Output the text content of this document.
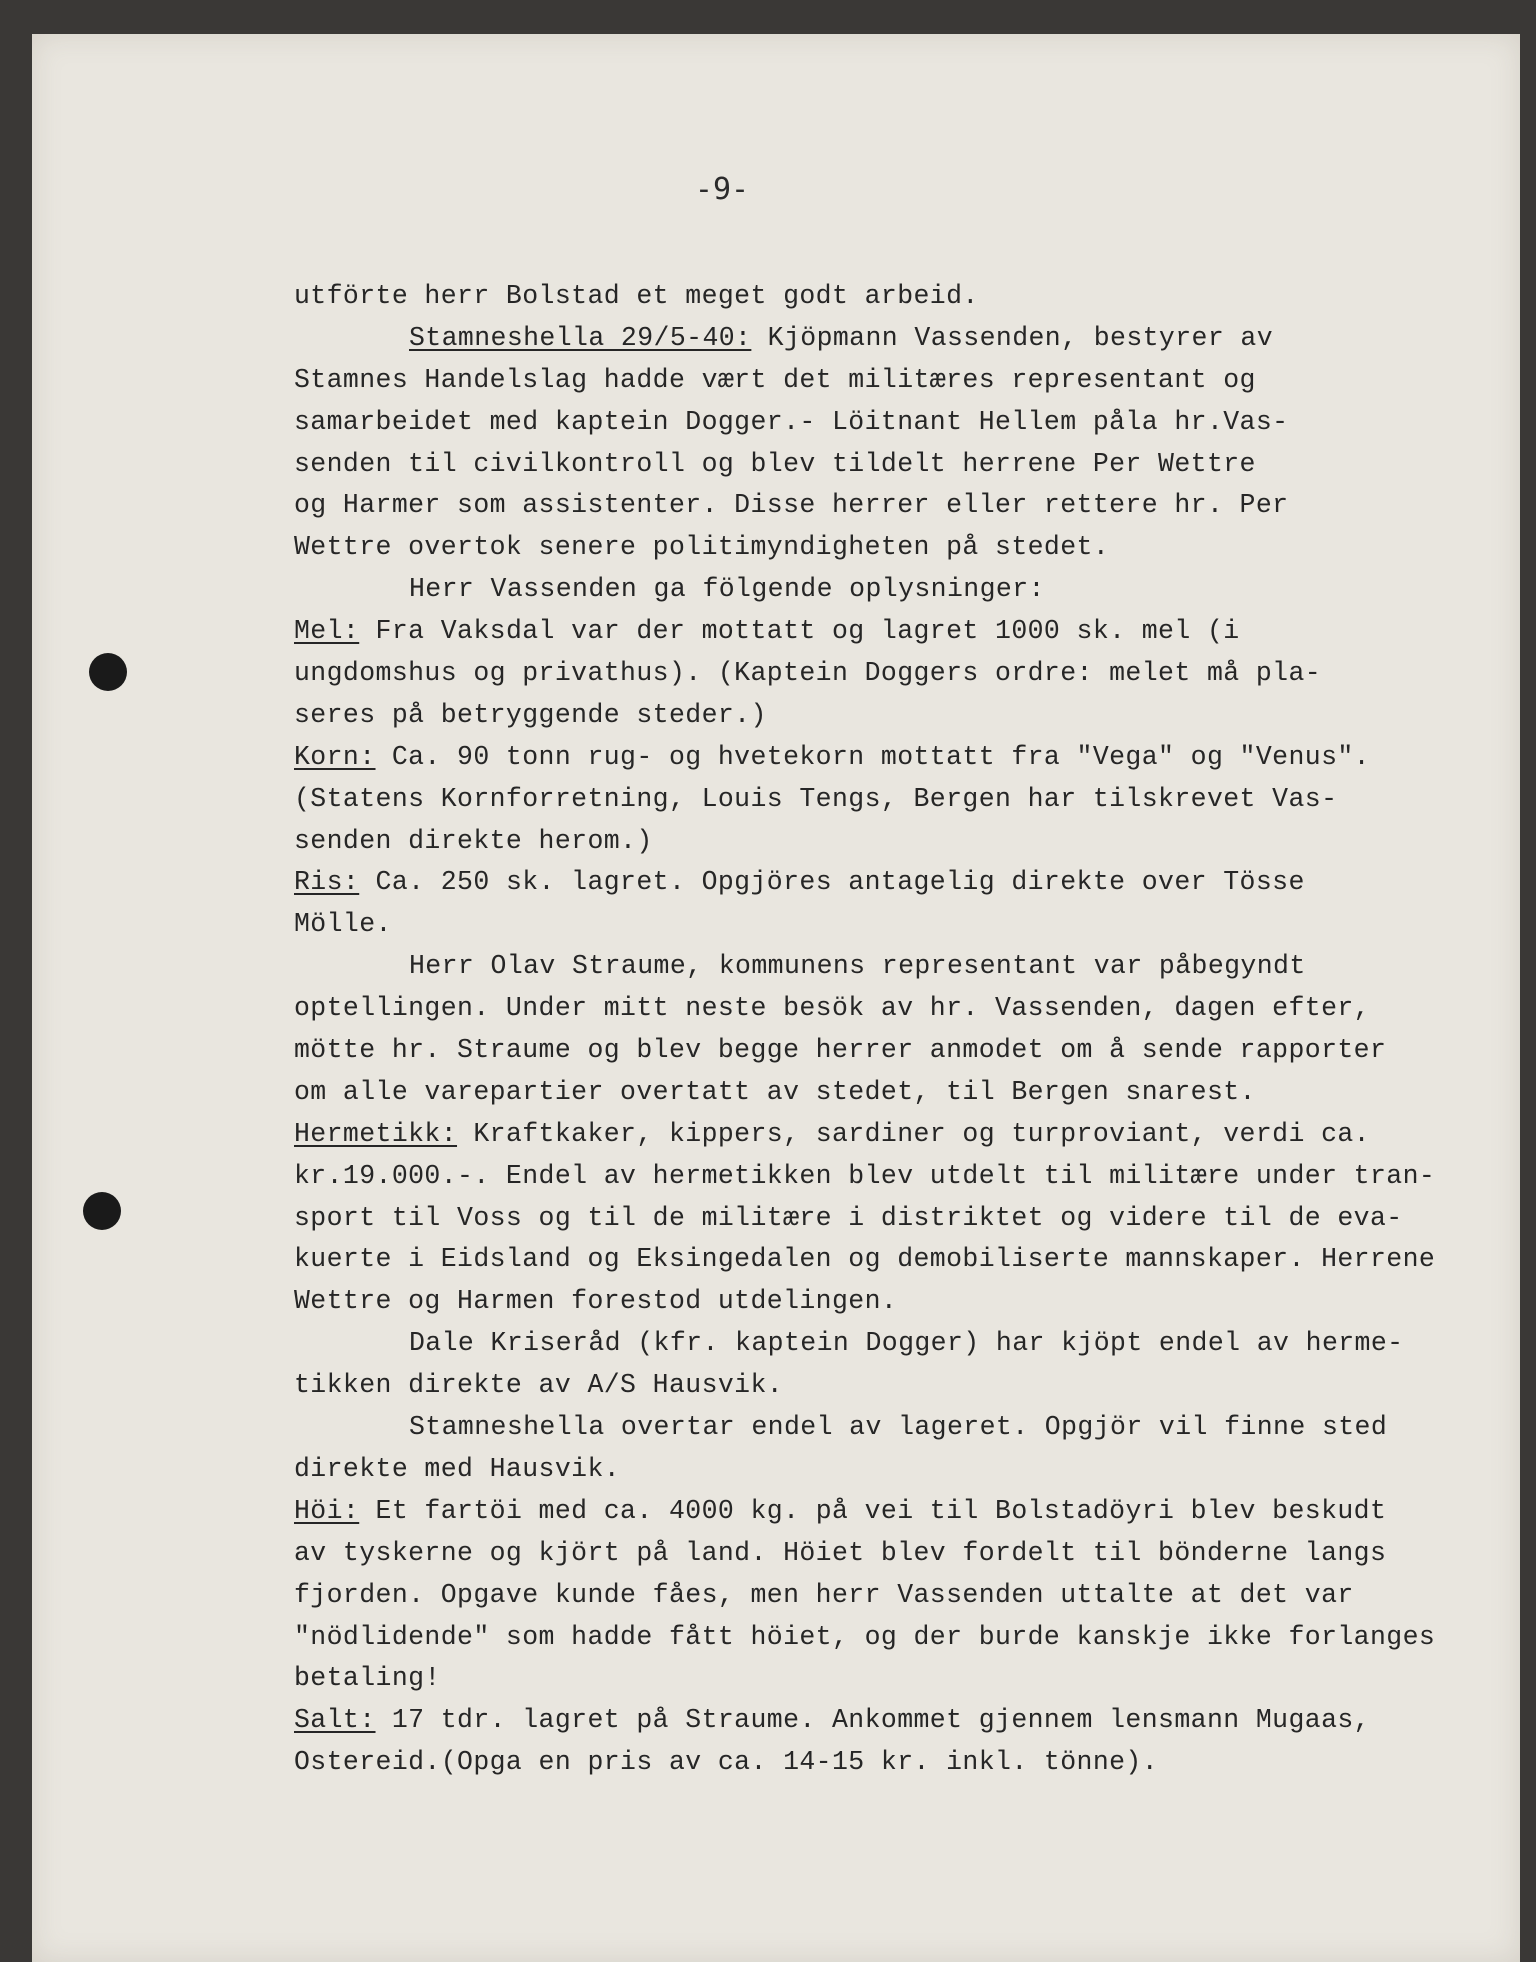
-9-
utförte herr Bolstad et meget godt arbeid.
Stamneshella 29/5-40: Kjöpmann Vassenden, bestyrer av
Stamnes Handelslag hadde vært det militæres representant og
samarbeidet med kaptein Dogger.- Löitnant Hellem påla hr.Vas-
senden til civilkontroll og blev tildelt herrene Per Wettre
og Harmer som assistenter. Disse herrer eller rettere hr. Per
Wettre overtok senere politimyndigheten på stedet.
Herr Vassenden ga fölgende oplysninger:
Mel: Fra Vaksdal var der mottatt og lagret 1000 sk. mel (i
ungdomshus og privathus). (Kaptein Doggers ordre: melet må pla-
seres på betryggende steder.)
Korn: Ca. 90 tonn rug- og hvetekorn mottatt fra "Vega" og "Venus".
(Statens Kornforretning, Louis Tengs, Bergen har tilskrevet Vas-
senden direkte herom.)
Ris: Ca. 250 sk. lagret. Opgjöres antagelig direkte over Tösse
Mölle.
Herr Olav Straume, kommunens representant var påbegyndt
optellingen. Under mitt neste besök av hr. Vassenden, dagen efter,
mötte hr. Straume og blev begge herrer anmodet om å sende rapporter
om alle varepartier overtatt av stedet, til Bergen snarest.
Hermetikk: Kraftkaker, kippers, sardiner og turproviant, verdi ca.
kr.19.000.-. Endel av hermetikken blev utdelt til militære under tran-
sport til Voss og til de militære i distriktet og videre til de eva-
kuerte i Eidsland og Eksingedalen og demobiliserte mannskaper. Herrene
Wettre og Harmen forestod utdelingen.
Dale Kriseråd (kfr. kaptein Dogger) har kjöpt endel av herme-
tikken direkte av A/S Hausvik.
Stamneshella overtar endel av lageret. Opgjör vil finne sted
direkte med Hausvik.
Höi: Et fartöi med ca. 4000 kg. på vei til Bolstadöyri blev beskudt
av tyskerne og kjört på land. Höiet blev fordelt til bönderne langs
fjorden. Opgave kunde fåes, men herr Vassenden uttalte at det var
"nödlidende" som hadde fått höiet, og der burde kanskje ikke forlanges
betaling!
Salt: 17 tdr. lagret på Straume. Ankommet gjennem lensmann Mugaas,
Ostereid.(Opga en pris av ca. 14-15 kr. inkl. tönne).
